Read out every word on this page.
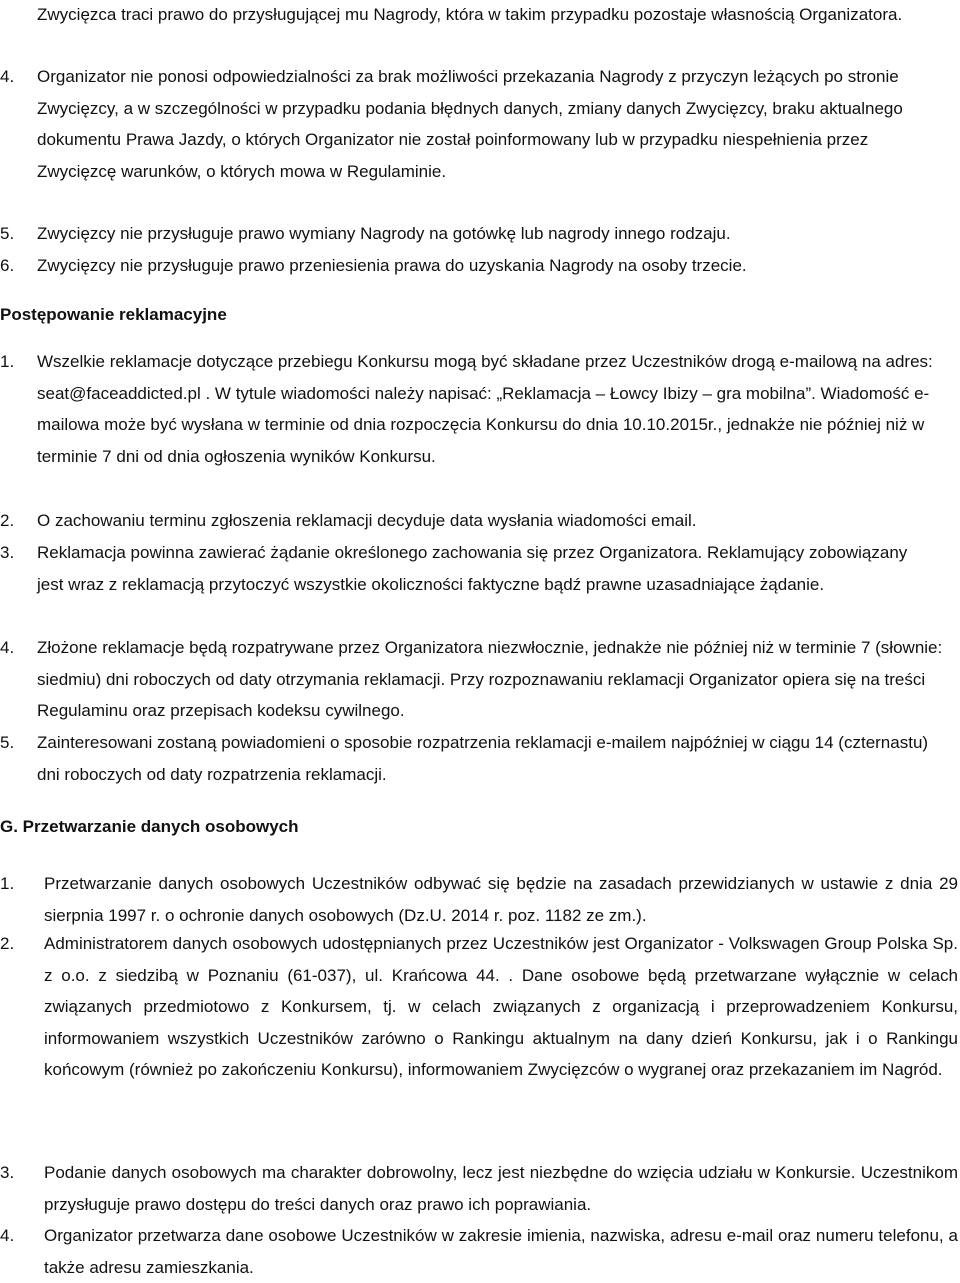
Zwycięzca traci prawo do przysługującej mu Nagrody, która w takim przypadku pozostaje własnością Organizatora.

4.	Organizator nie ponosi odpowiedzialności za brak możliwości przekazania Nagrody z przyczyn leżących po stronie Zwycięzcy, a w szczególności w przypadku podania błędnych danych, zmiany danych Zwycięzcy, braku aktualnego dokumentu Prawa Jazdy, o których Organizator nie został poinformowany lub w przypadku niespełnienia przez Zwycięzcę warunków, o których mowa w Regulaminie.
5.	Zwycięzcy nie przysługuje prawo wymiany Nagrody na gotówkę lub nagrody innego rodzaju.
6.	Zwycięzcy nie przysługuje prawo przeniesienia prawa do uzyskania Nagrody na osoby trzecie.
Postępowanie reklamacyjne
1.	Wszelkie reklamacje dotyczące przebiegu Konkursu mogą być składane przez Uczestników drogą e-mailową na adres: seat@faceaddicted.pl . W tytule wiadomości należy napisać: „Reklamacja – Łowcy Ibizy – gra mobilna”. Wiadomość e-mailowa może być wysłana w terminie od dnia rozpoczęcia Konkursu do dnia 10.10.2015r., jednakże nie później niż w terminie 7 dni od dnia ogłoszenia wyników Konkursu.
2.	O zachowaniu terminu zgłoszenia reklamacji decyduje data wysłania wiadomości email.
3.	Reklamacja powinna zawierać żądanie określonego zachowania się przez Organizatora. Reklamujący zobowiązany jest wraz z reklamacją przytoczyć wszystkie okoliczności faktyczne bądź prawne uzasadniające żądanie.
4.	Złożone reklamacje będą rozpatrywane przez Organizatora niezwłocznie, jednakże nie później niż w terminie 7 (słownie: siedmiu) dni roboczych od daty otrzymania reklamacji. Przy rozpoznawaniu reklamacji Organizator opiera się na treści Regulaminu oraz przepisach kodeksu cywilnego.
5.	Zainteresowani zostaną powiadomieni o sposobie rozpatrzenia reklamacji e-mailem najpóźniej w ciągu 14 (czternastu) dni roboczych od daty rozpatrzenia reklamacji.
G. Przetwarzanie danych osobowych
1.	Przetwarzanie danych osobowych Uczestników odbywać się będzie na zasadach przewidzianych w ustawie z dnia 29 sierpnia 1997 r. o ochronie danych osobowych (Dz.U. 2014 r. poz. 1182 ze zm.).
2.	Administratorem danych osobowych udostępnianych przez Uczestników jest Organizator - Volkswagen Group Polska Sp. z o.o. z siedzibą w Poznaniu (61-037), ul. Krańcowa 44. . Dane osobowe będą przetwarzane wyłącznie w celach związanych przedmiotowo z Konkursem, tj. w celach związanych z organizacją i przeprowadzeniem Konkursu, informowaniem wszystkich Uczestników zarówno o Rankingu aktualnym na dany dzień Konkursu, jak i o Rankingu końcowym (również po zakończeniu Konkursu), informowaniem Zwycięzców o wygranej oraz przekazaniem im Nagród.
3.	Podanie danych osobowych ma charakter dobrowolny, lecz jest niezbędne do wzięcia udziału w Konkursie. Uczestnikom przysługuje prawo dostępu do treści danych oraz prawo ich poprawiania.
4.	Organizator przetwarza dane osobowe Uczestników w zakresie imienia, nazwiska, adresu e-mail oraz numeru telefonu, a także adresu zamieszkania.
